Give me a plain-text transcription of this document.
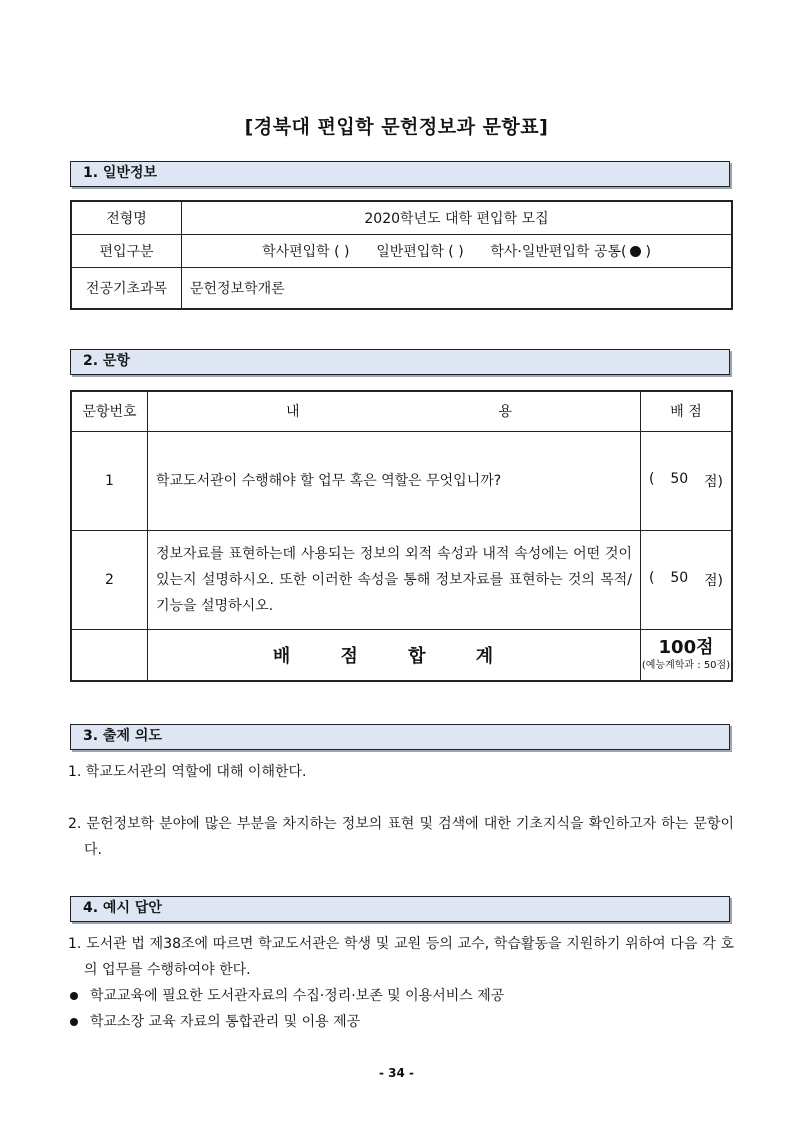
[경북대 편입학 문헌정보과 문항표]
1. 일반정보
전형명	2020학년도 대학 편입학 모집
편입구분	학사편입학 ( ) 일반편입학 ( ) 학사·일반편입학 공통( )
전공기초과목	문헌정보학개론
2. 문항
문항번호	내 용	배 점
1	학교도서관이 수행해야 할 업무 혹은 역할은 무엇입니까?	( 50 점)

2	정보자료를 표현하는데 사용되는 정보의 외적 속성과 내적 속성에는 어떤 것이 있는지 설명하시오. 또한 이러한 속성을 통해 정보자료를 표현하는 것의 목적/기능을 설명하시오.	( 50 점)

	배 점 합 계	100점
(예능계학과 : 50점)
3. 출제 의도
1. 학교도서관의 역할에 대해 이해한다.
2. 문헌정보학 분야에 많은 부분을 차지하는 정보의 표현 및 검색에 대한 기초지식을 확인하고자 하는 문항이다.
4. 예시 답안
1. 도서관 법 제38조에 따르면 학교도서관은 학생 및 교원 등의 교수, 학습활동을 지원하기 위하여 다음 각 호의 업무를 수행하여야 한다.
학교교육에 필요한 도서관자료의 수집·정리·보존 및 이용서비스 제공
학교소장 교육 자료의 통합관리 및 이용 제공
- 34 -
